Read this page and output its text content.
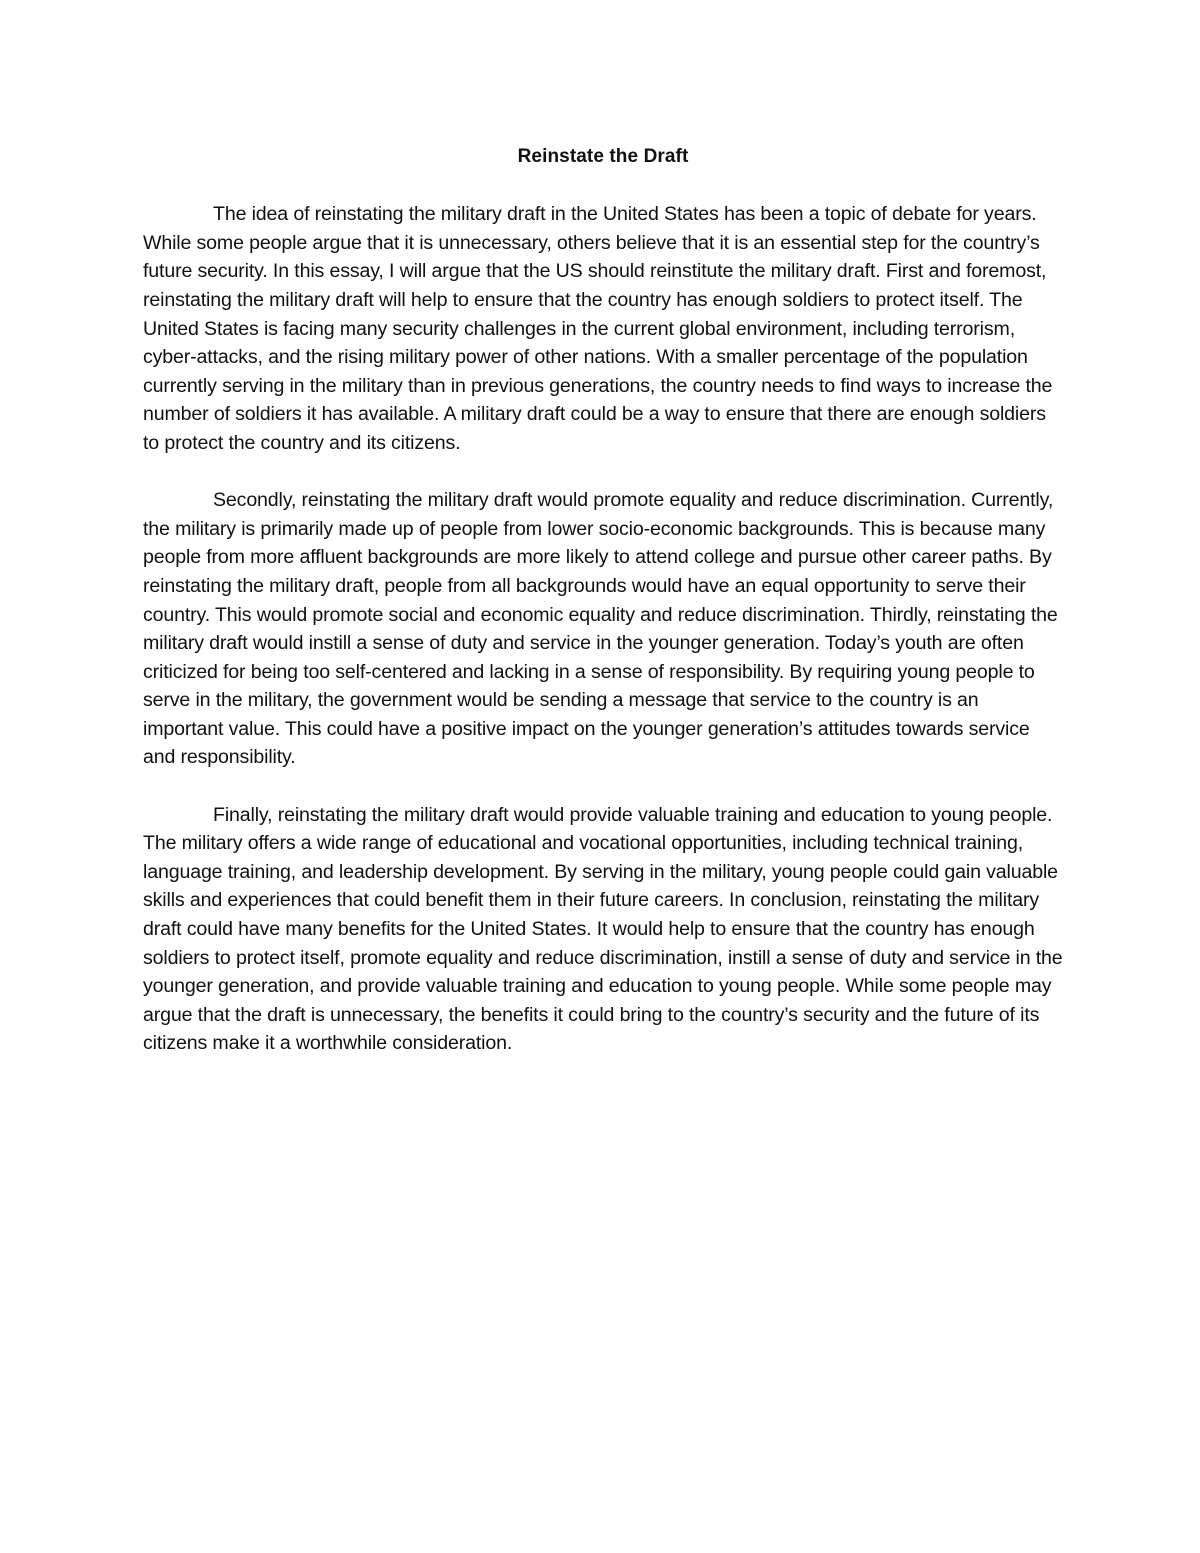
Reinstate the Draft

The idea of reinstating the military draft in the United States has been a topic of debate for years. While some people argue that it is unnecessary, others believe that it is an essential step for the country’s future security. In this essay, I will argue that the US should reinstitute the military draft. First and foremost, reinstating the military draft will help to ensure that the country has enough soldiers to protect itself. The United States is facing many security challenges in the current global environment, including terrorism, cyber-attacks, and the rising military power of other nations. With a smaller percentage of the population currently serving in the military than in previous generations, the country needs to find ways to increase the number of soldiers it has available. A military draft could be a way to ensure that there are enough soldiers to protect the country and its citizens.

Secondly, reinstating the military draft would promote equality and reduce discrimination. Currently, the military is primarily made up of people from lower socio-economic backgrounds. This is because many people from more affluent backgrounds are more likely to attend college and pursue other career paths. By reinstating the military draft, people from all backgrounds would have an equal opportunity to serve their country. This would promote social and economic equality and reduce discrimination. Thirdly, reinstating the military draft would instill a sense of duty and service in the younger generation. Today’s youth are often criticized for being too self-centered and lacking in a sense of responsibility. By requiring young people to serve in the military, the government would be sending a message that service to the country is an important value. This could have a positive impact on the younger generation’s attitudes towards service and responsibility.

Finally, reinstating the military draft would provide valuable training and education to young people. The military offers a wide range of educational and vocational opportunities, including technical training, language training, and leadership development. By serving in the military, young people could gain valuable skills and experiences that could benefit them in their future careers. In conclusion, reinstating the military draft could have many benefits for the United States. It would help to ensure that the country has enough soldiers to protect itself, promote equality and reduce discrimination, instill a sense of duty and service in the younger generation, and provide valuable training and education to young people. While some people may argue that the draft is unnecessary, the benefits it could bring to the country’s security and the future of its citizens make it a worthwhile consideration.
